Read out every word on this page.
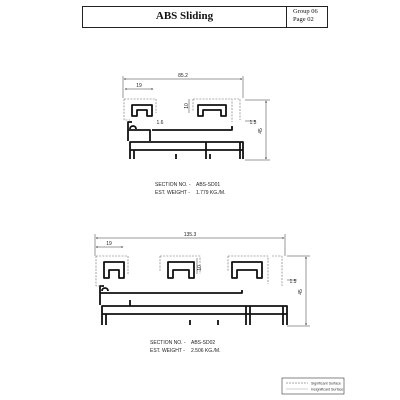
ABS Sliding	Group 06
Page 02
85.2
19
10
45
1.5
1.6
SECTION NO. - ABS-SD01
EST. WEIGHT - 1.779 KG./M.
135.3
19
10
45
1.5
SECTION NO. - ABS-SD02
EST. WEIGHT - 2.506 KG./M.
Significant Surface
Insignificant Surface
